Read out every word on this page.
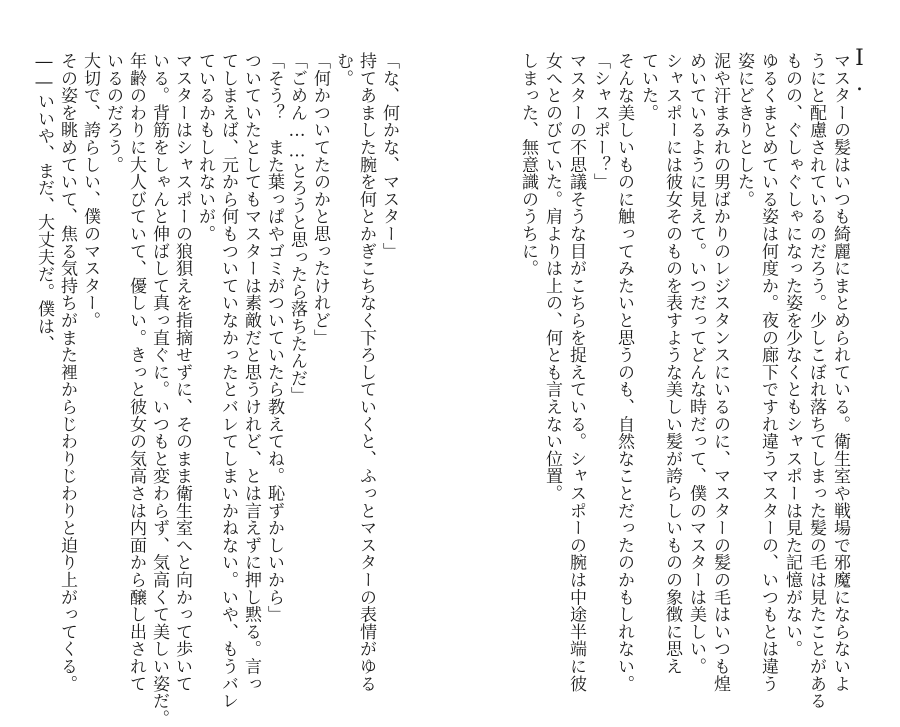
I.
マスターの髪はいつも綺麗にまとめられている。衛生室や戦場で邪魔にならないよ
うにと配慮されているのだろう。少しこぼれ落ちてしまった髪の毛は見たことがある
ものの、ぐしゃぐしゃになった姿を少なくともシャスポーは見た記憶がない。
ゆるくまとめている姿は何度か。夜の廊下ですれ違うマスターの、いつもとは違う
姿にどきりとした。
泥や汗まみれの男ばかりのレジスタンスにいるのに、マスターの髪の毛はいつも煌
めいているように見えて。いつだってどんな時だって、僕のマスターは美しい。
シャスポーには彼女そのものを表すような美しい髪が誇らしいものの象徴に思え
ていた。
そんな美しいものに触ってみたいと思うのも、自然なことだったのかもしれない。
「シャスポー？」
マスターの不思議そうな目がこちらを捉えている。シャスポーの腕は中途半端に彼
女へとのびていた。肩よりは上の、何とも言えない位置。
しまった、無意識のうちに。
「な、何かな、マスター」
持てあました腕を何とかぎこちなく下ろしていくと、ふっとマスターの表情がゆる
む。
「何かついてたのかと思ったけれど」
「ごめん……とろうと思ったら落ちたんだ」
「そう？　また葉っぱやゴミがついていたら教えてね。恥ずかしいから」
ついていたとしてもマスターは素敵だと思うけれど、とは言えずに押し黙る。言っ
てしまえば、元から何もついていなかったとバレてしまいかねない。いや、もうバレ
ているかもしれないが。
マスターはシャスポーの狼狽えを指摘せずに、そのまま衛生室へと向かって歩いて
いる。背筋をしゃんと伸ばして真っ直ぐに。いつもと変わらず、気高くて美しい姿だ。
年齢のわりに大人びていて、優しい。きっと彼女の気高さは内面から醸し出されて
いるのだろう。
大切で、誇らしい、僕のマスター。
その姿を眺めていて、焦る気持ちがまた裡からじわりじわりと迫り上がってくる。
――いいや、まだ、大丈夫だ。僕は、
